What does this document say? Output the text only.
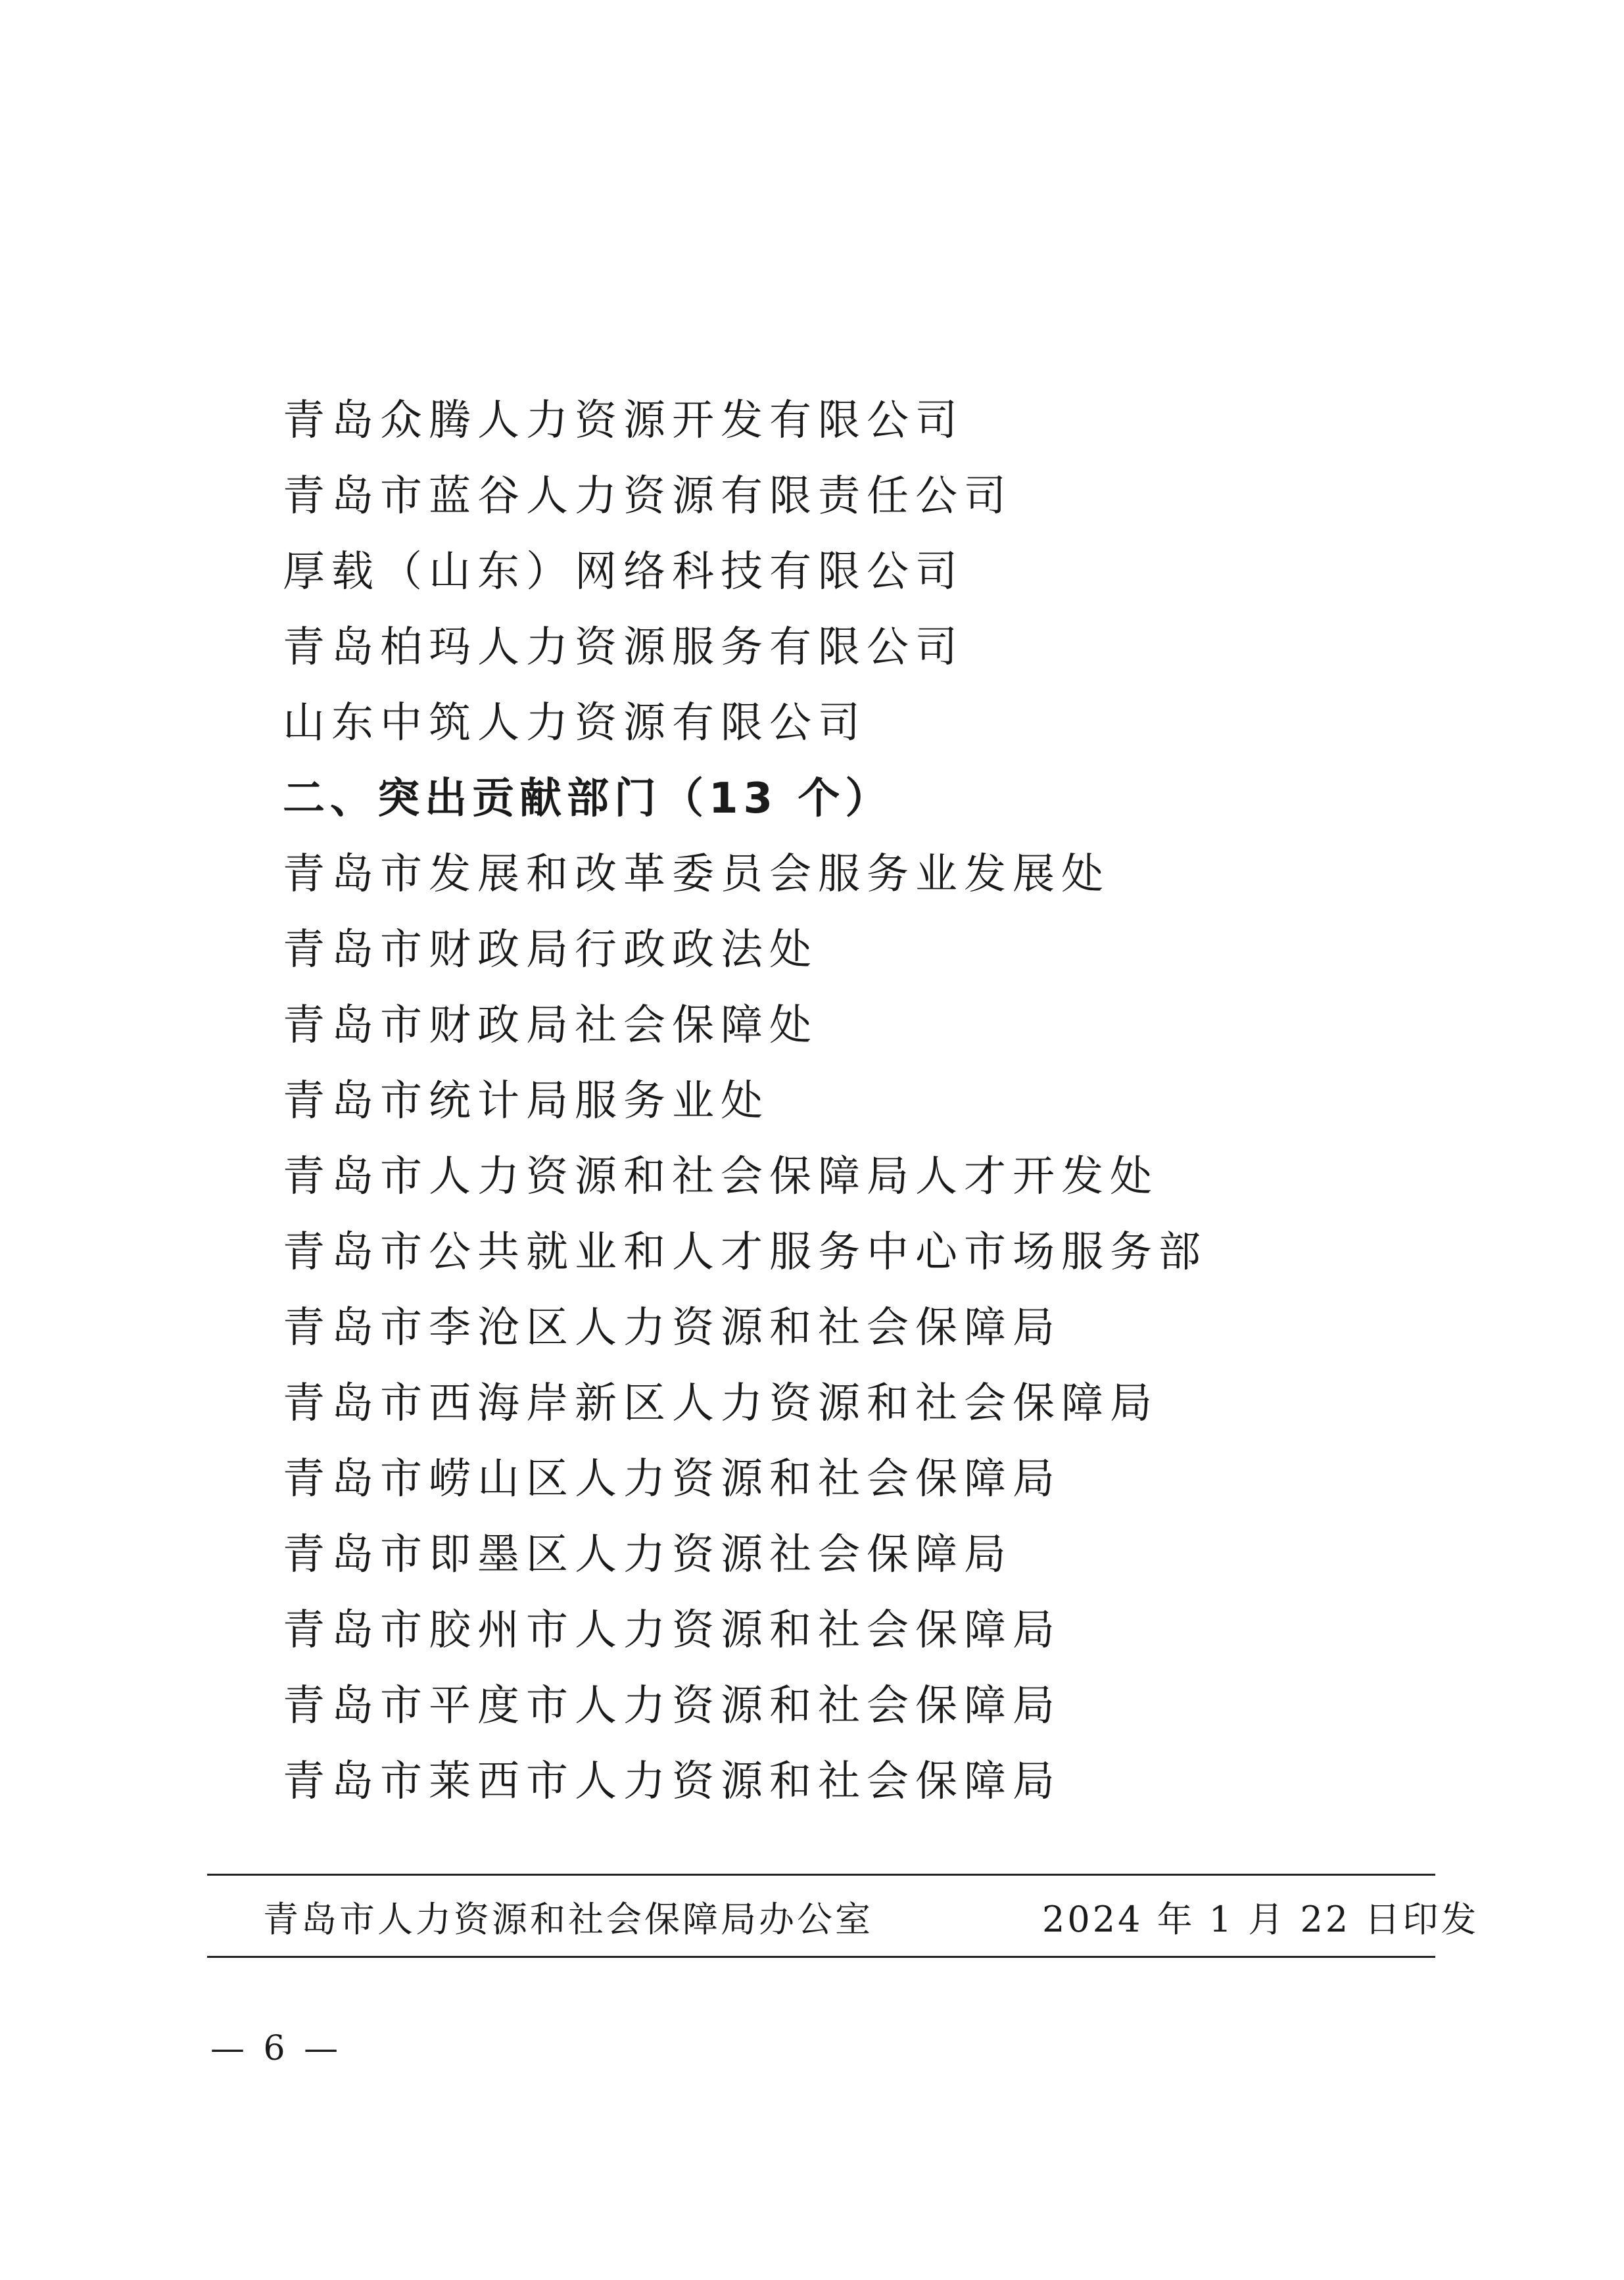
青岛众腾人力资源开发有限公司
青岛市蓝谷人力资源有限责任公司
厚载（山东）网络科技有限公司
青岛柏玛人力资源服务有限公司
山东中筑人力资源有限公司
二、突出贡献部门（13 个）
青岛市发展和改革委员会服务业发展处
青岛市财政局行政政法处
青岛市财政局社会保障处
青岛市统计局服务业处
青岛市人力资源和社会保障局人才开发处
青岛市公共就业和人才服务中心市场服务部
青岛市李沧区人力资源和社会保障局
青岛市西海岸新区人力资源和社会保障局
青岛市崂山区人力资源和社会保障局
青岛市即墨区人力资源社会保障局
青岛市胶州市人力资源和社会保障局
青岛市平度市人力资源和社会保障局
青岛市莱西市人力资源和社会保障局
青岛市人力资源和社会保障局办公室	2024 年 1 月 22 日印发
— 6 —
